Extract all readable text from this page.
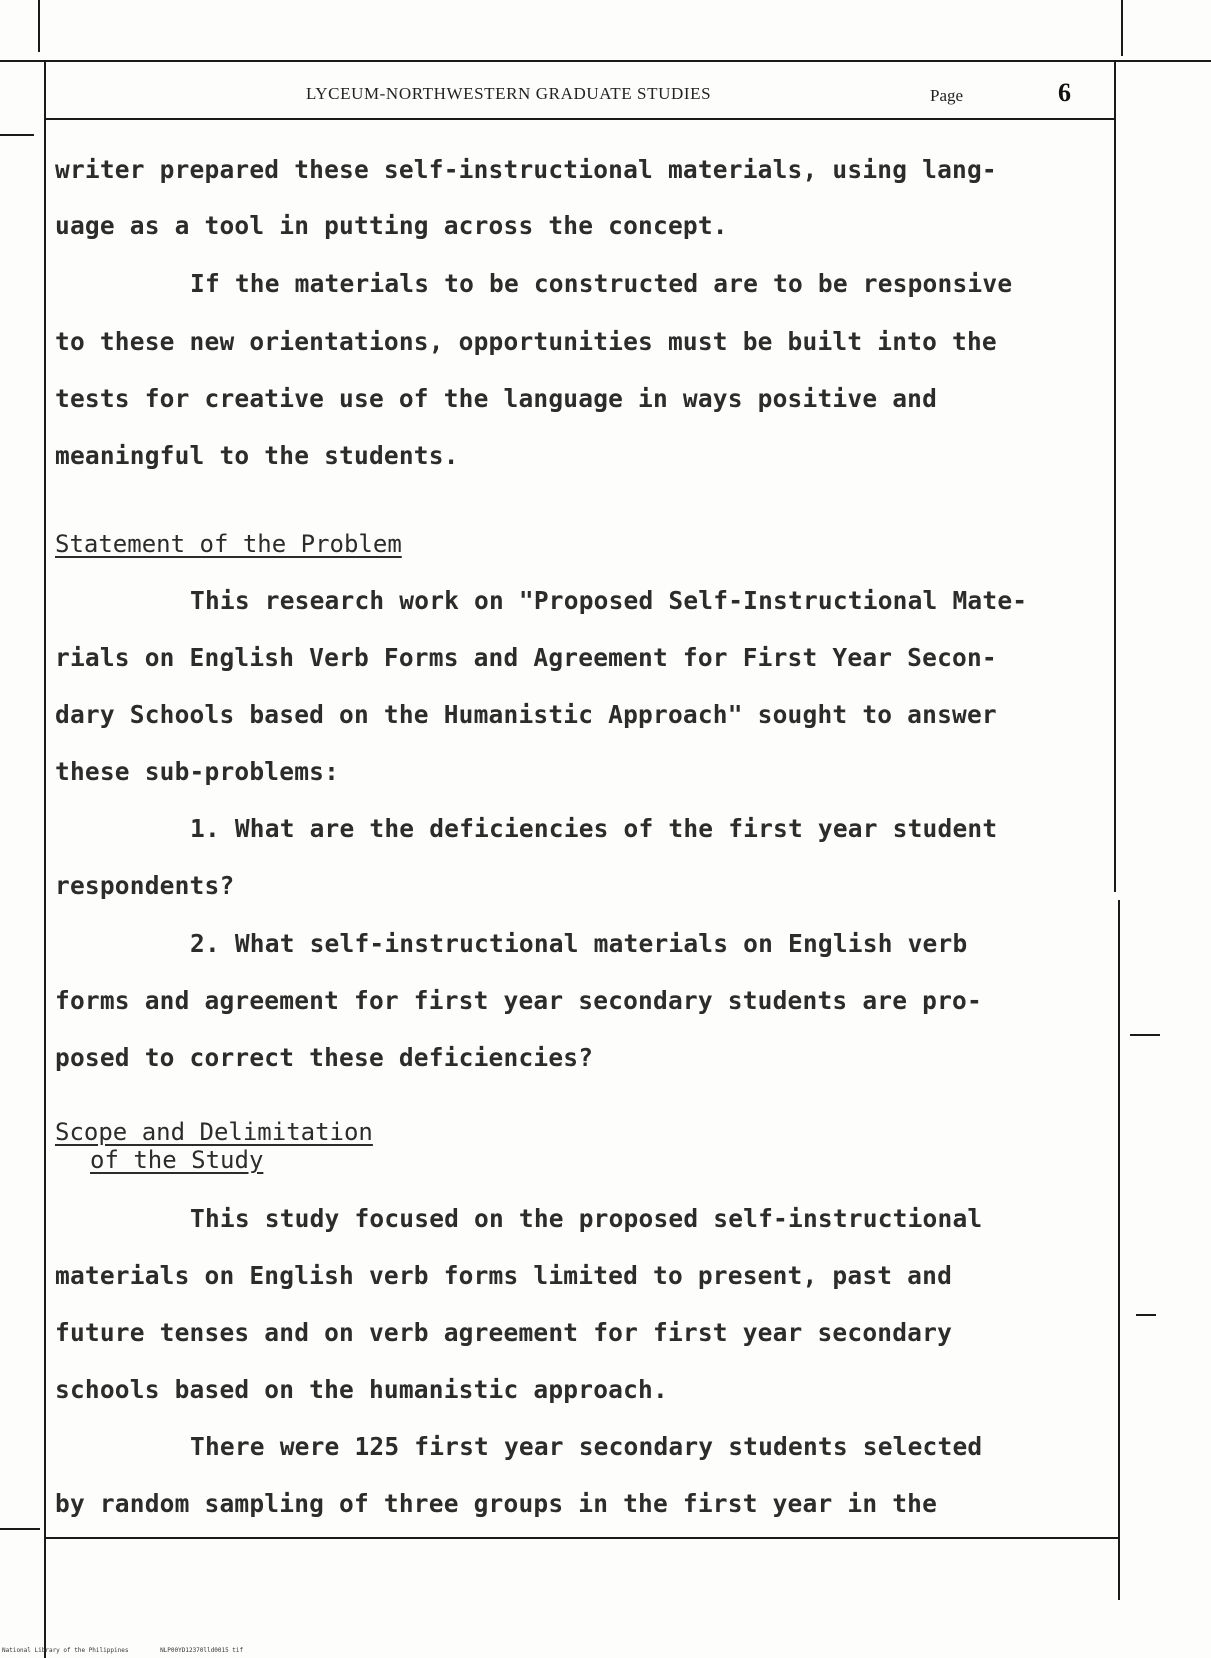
LYCEUM-NORTHWESTERN GRADUATE STUDIES	Page	6
writer prepared these self-instructional materials, using lang-
uage as a tool in putting across the concept.
If the materials to be constructed are to be responsive
to these new orientations, opportunities must be built into the
tests for creative use of the language in ways positive and
meaningful to the students.
Statement of the Problem
This research work on "Proposed Self-Instructional Mate-
rials on English Verb Forms and Agreement for First Year Secon-
dary Schools based on the Humanistic Approach" sought to answer
these sub-problems:
1. What are the deficiencies of the first year student
respondents?
2. What self-instructional materials on English verb
forms and agreement for first year secondary students are pro-
posed to correct these deficiencies?
Scope and Delimitation
of the Study
This study focused on the proposed self-instructional
materials on English verb forms limited to present, past and
future tenses and on verb agreement for first year secondary
schools based on the humanistic approach.
There were 125 first year secondary students selected
by random sampling of three groups in the first year in the
National Library of the Philippines	NLP00YD12370lld0015 tif
